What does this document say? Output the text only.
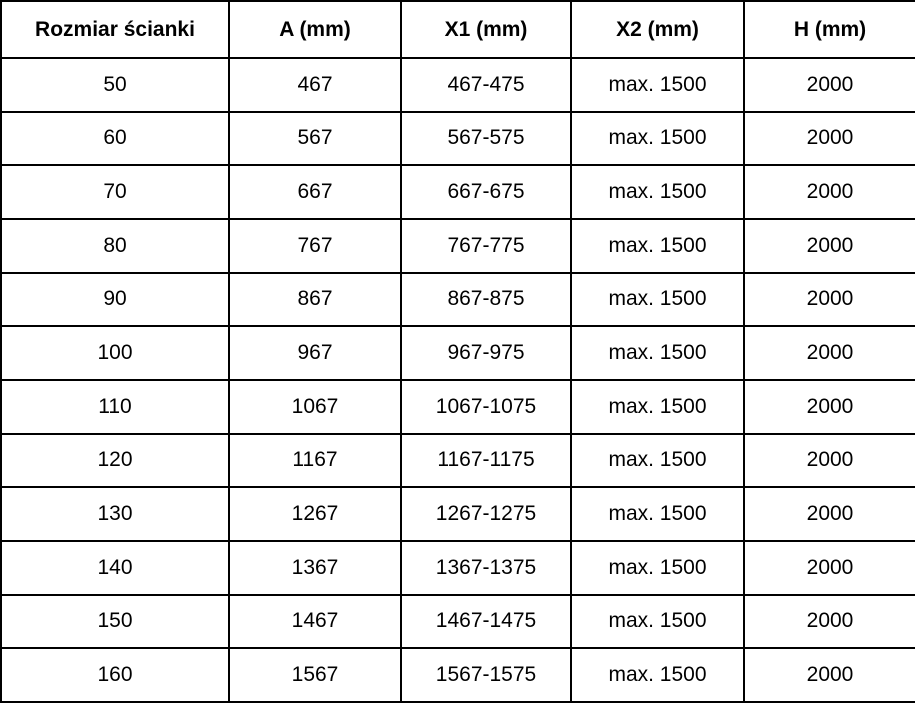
Rozmiar ścianki	A (mm)	X1 (mm)	X2 (mm)	H (mm)
50	467	467-475	max. 1500	2000
60	567	567-575	max. 1500	2000
70	667	667-675	max. 1500	2000
80	767	767-775	max. 1500	2000
90	867	867-875	max. 1500	2000
100	967	967-975	max. 1500	2000
110	1067	1067-1075	max. 1500	2000
120	1167	1167-1175	max. 1500	2000
130	1267	1267-1275	max. 1500	2000
140	1367	1367-1375	max. 1500	2000
150	1467	1467-1475	max. 1500	2000
160	1567	1567-1575	max. 1500	2000
